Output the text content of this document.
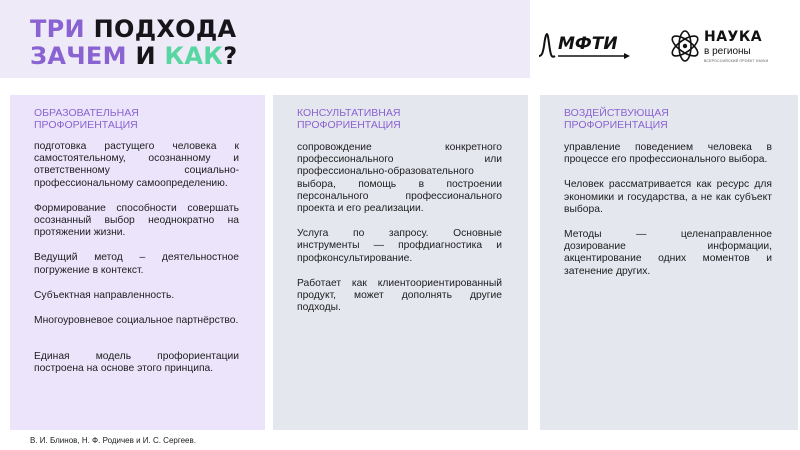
ТРИ ПОДХОДА
ЗАЧЕМ И КАК?	МФТИ	НАУКА
в регионы
ВСЕРОССИЙСКИЙ ПРОЕКТ НАУКИ
ОБРАЗОВАТЕЛЬНАЯ ПРОФОРИЕНТАЦИЯ

подготовка растущего человека к самостоятельному, осознанному и ответственному социально-профессиональному самоопределению.

Формирование способности совершать осознанный выбор неоднократно на протяжении жизни.

Ведущий метод – деятельностное погружение в контекст.

Субъектная направленность.

Многоуровневое социальное партнёрство.

Единая модель профориентации построена на основе этого принципа.

КОНСУЛЬТАТИВНАЯ ПРОФОРИЕНТАЦИЯ

сопровождение конкретного профессионального или профессионально-образовательного выбора, помощь в построении персонального профессионального проекта и его реализации.

Услуга по запросу. Основные инструменты — профдиагностика и профконсультирование.

Работает как клиентоориентированный продукт, может дополнять другие подходы.

ВОЗДЕЙСТВУЮЩАЯ ПРОФОРИЕНТАЦИЯ

управление поведением человека в процессе его профессионального выбора.

Человек рассматривается как ресурс для экономики и государства, а не как субъект выбора.

Методы — целенаправленное дозирование информации, акцентирование одних моментов и затенение других.

В. И. Блинов, Н. Ф. Родичев и И. С. Сергеев.
